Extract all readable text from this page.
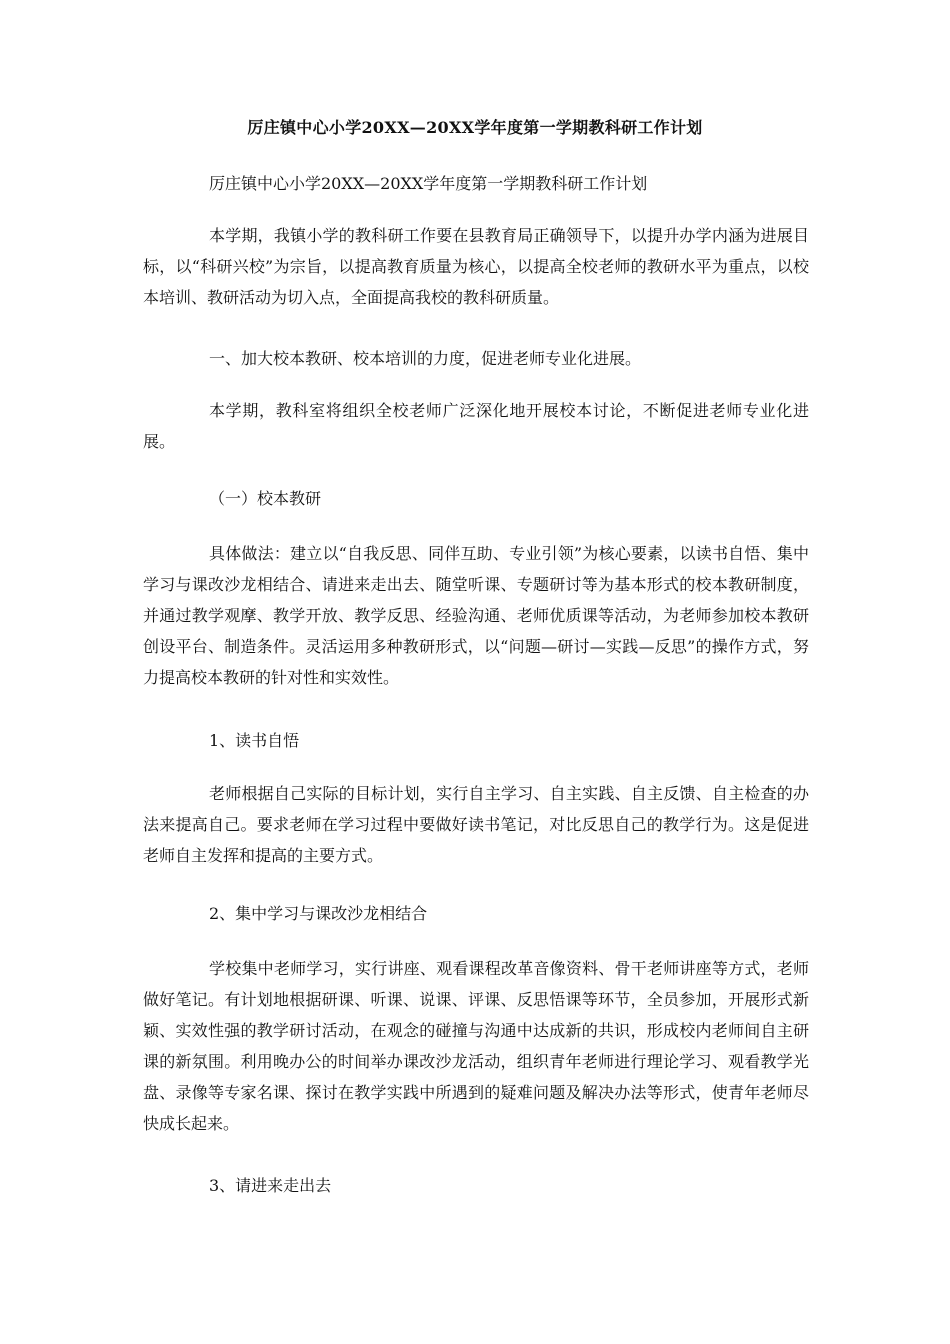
厉庄镇中心小学20XX—20XX学年度第一学期教科研工作计划
厉庄镇中心小学20XX—20XX学年度第一学期教科研工作计划
本学期，我镇小学的教科研工作要在县教育局正确领导下，以提升办学内涵为进展目标，以“科研兴校”为宗旨，以提高教育质量为核心，以提高全校老师的教研水平为重点，以校本培训、教研活动为切入点，全面提高我校的教科研质量。
一、加大校本教研、校本培训的力度，促进老师专业化进展。
本学期，教科室将组织全校老师广泛深化地开展校本讨论，不断促进老师专业化进展。
（一）校本教研
具体做法：建立以“自我反思、同伴互助、专业引领”为核心要素，以读书自悟、集中学习与课改沙龙相结合、请进来走出去、随堂听课、专题研讨等为基本形式的校本教研制度，并通过教学观摩、教学开放、教学反思、经验沟通、老师优质课等活动，为老师参加校本教研创设平台、制造条件。灵活运用多种教研形式，以“问题—研讨—实践—反思”的操作方式，努力提高校本教研的针对性和实效性。
1、读书自悟
老师根据自己实际的目标计划，实行自主学习、自主实践、自主反馈、自主检查的办法来提高自己。要求老师在学习过程中要做好读书笔记，对比反思自己的教学行为。这是促进老师自主发挥和提高的主要方式。
2、集中学习与课改沙龙相结合
学校集中老师学习，实行讲座、观看课程改革音像资料、骨干老师讲座等方式，老师做好笔记。有计划地根据研课、听课、说课、评课、反思悟课等环节，全员参加，开展形式新颖、实效性强的教学研讨活动，在观念的碰撞与沟通中达成新的共识，形成校内老师间自主研课的新氛围。利用晚办公的时间举办课改沙龙活动，组织青年老师进行理论学习、观看教学光盘、录像等专家名课、探讨在教学实践中所遇到的疑难问题及解决办法等形式，使青年老师尽快成长起来。
3、请进来走出去
